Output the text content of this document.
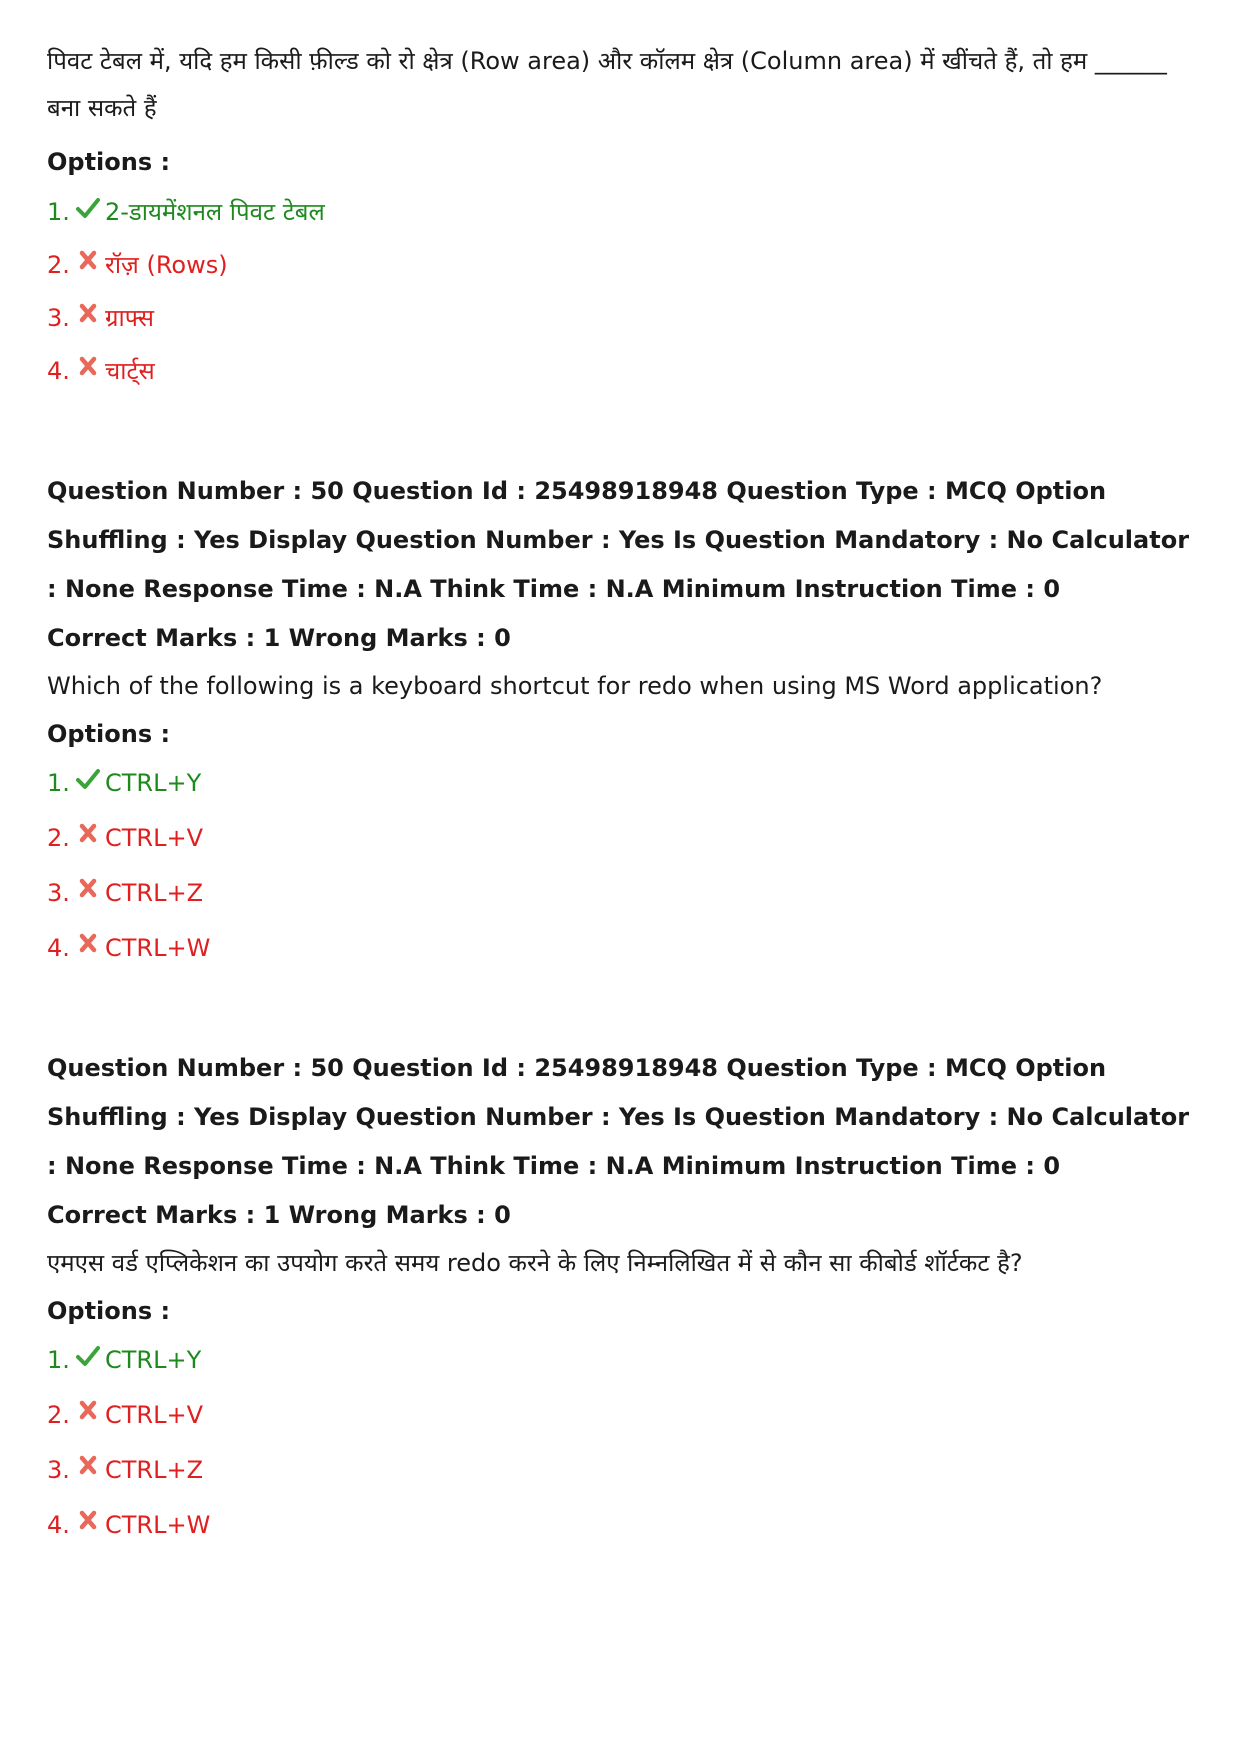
पिवट टेबल में, यदि हम किसी फ़ील्ड को रो क्षेत्र (Row area) और कॉलम क्षेत्र (Column area) में खींचते हैं, तो हम ______ बना सकते हैं

Options :

1. 2-डायमेंशनल पिवट टेबल
2. रॉज़ (Rows)
3. ग्राफ्स
4. चार्ट्स

Question Number : 50 Question Id : 25498918948 Question Type : MCQ Option Shuffling : Yes Display Question Number : Yes Is Question Mandatory : No Calculator : None Response Time : N.A Think Time : N.A Minimum Instruction Time : 0

Correct Marks : 1 Wrong Marks : 0

Which of the following is a keyboard shortcut for redo when using MS Word application?

Options :

1. CTRL+Y
2. CTRL+V
3. CTRL+Z
4. CTRL+W

Question Number : 50 Question Id : 25498918948 Question Type : MCQ Option Shuffling : Yes Display Question Number : Yes Is Question Mandatory : No Calculator : None Response Time : N.A Think Time : N.A Minimum Instruction Time : 0

Correct Marks : 1 Wrong Marks : 0

एमएस वर्ड एप्लिकेशन का उपयोग करते समय redo करने के लिए निम्नलिखित में से कौन सा कीबोर्ड शॉर्टकट है?

Options :

1. CTRL+Y
2. CTRL+V
3. CTRL+Z
4. CTRL+W
